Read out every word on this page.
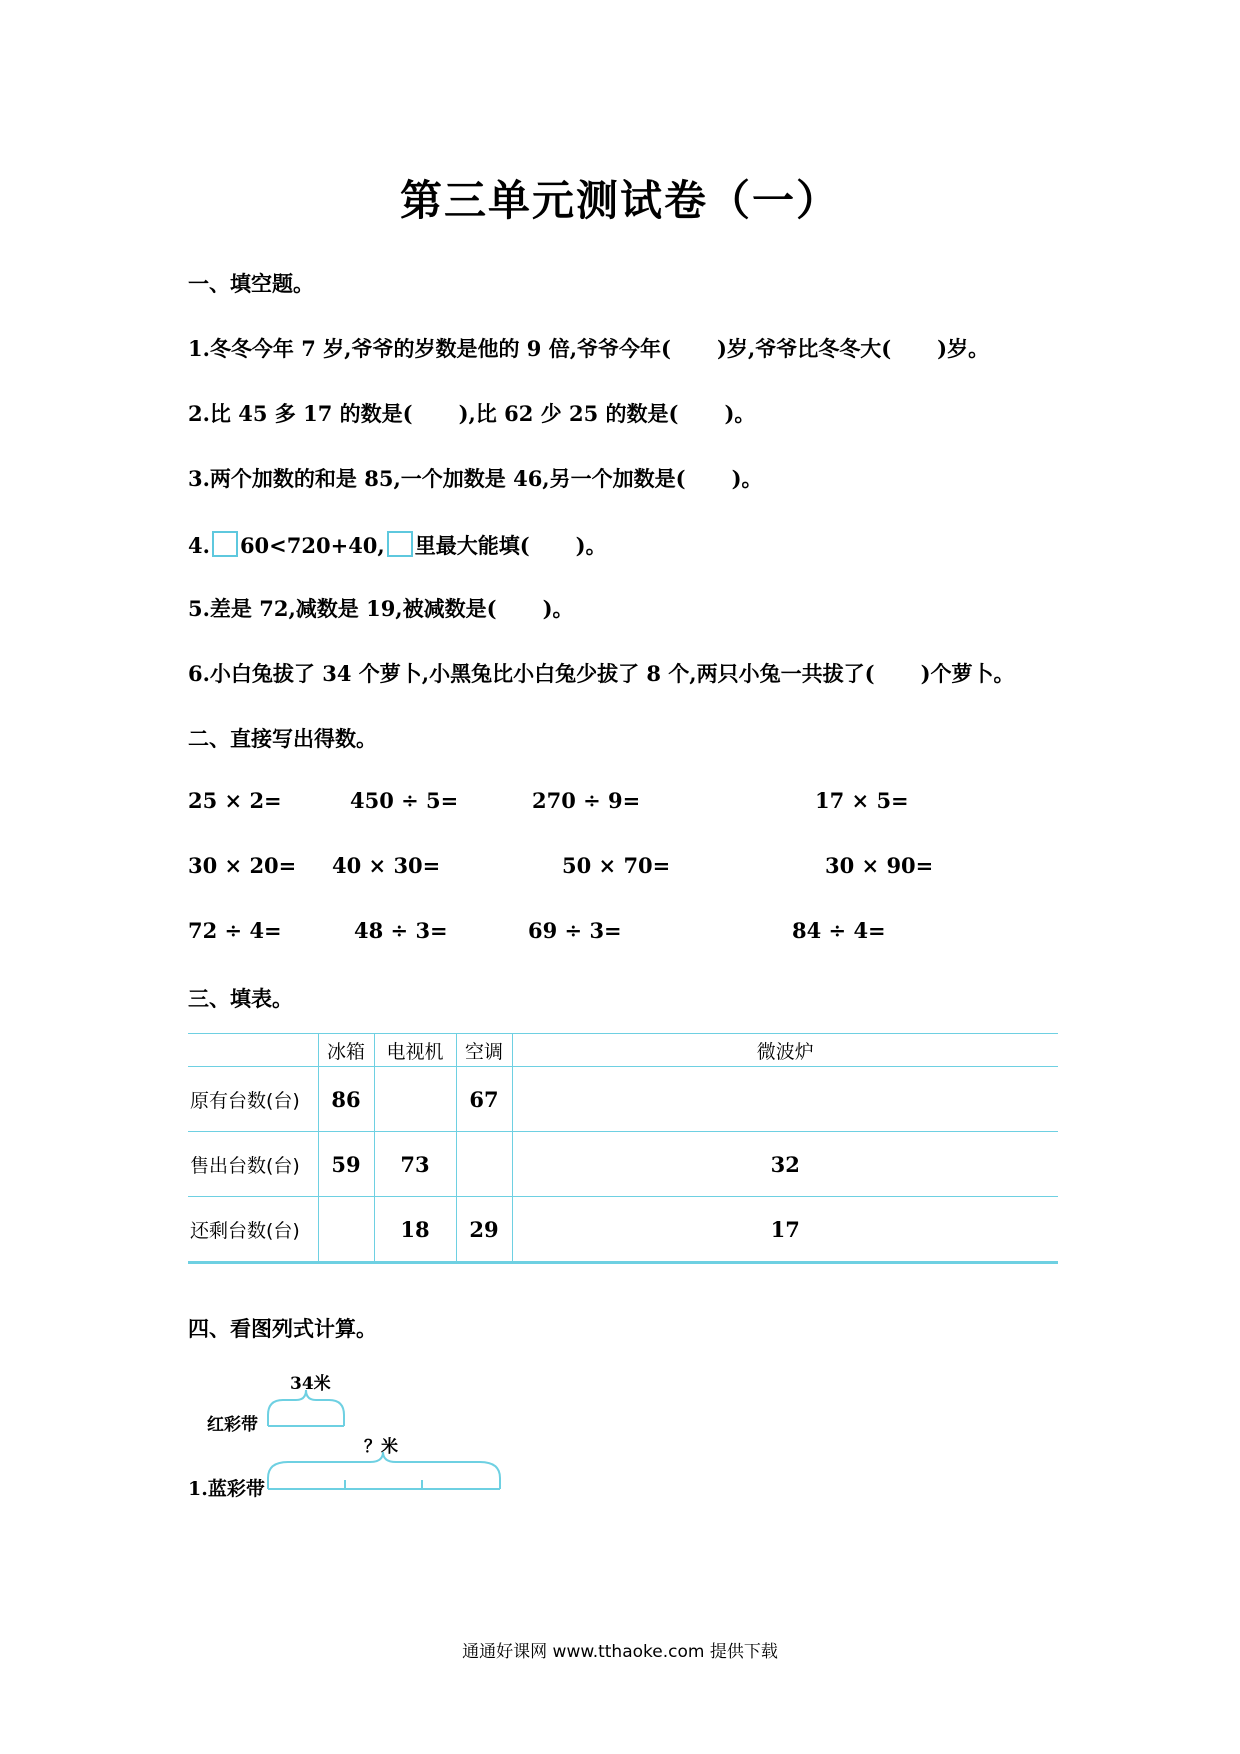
第三单元测试卷（一）
一、填空题。
1.冬冬今年 7 岁,爷爷的岁数是他的 9 倍,爷爷今年( )岁,爷爷比冬冬大( )岁。
2.比 45 多 17 的数是( ),比 62 少 25 的数是( )。
3.两个加数的和是 85,一个加数是 46,另一个加数是( )。
4. 60<720+40, 里最大能填( )。
5.差是 72,减数是 19,被减数是( )。
6.小白兔拔了 34 个萝卜,小黑兔比小白兔少拔了 8 个,两只小兔一共拔了( )个萝卜。
二、直接写出得数。
25 × 2=	450 ÷ 5=	270 ÷ 9=	17 × 5=
30 × 20= 40 × 30=	50 × 70=	30 × 90=
72 ÷ 4=	48 ÷ 3=	69 ÷ 3=	84 ÷ 4=
三、填表。
	冰箱	电视机	空调	微波炉
原有台数(台)	86		67	
售出台数(台)	59	73		32
还剩台数(台)		18	29	17
四、看图列式计算。
34米
红彩带
？米
1.蓝彩带
通通好课网 www.tthaoke.com 提供下载
